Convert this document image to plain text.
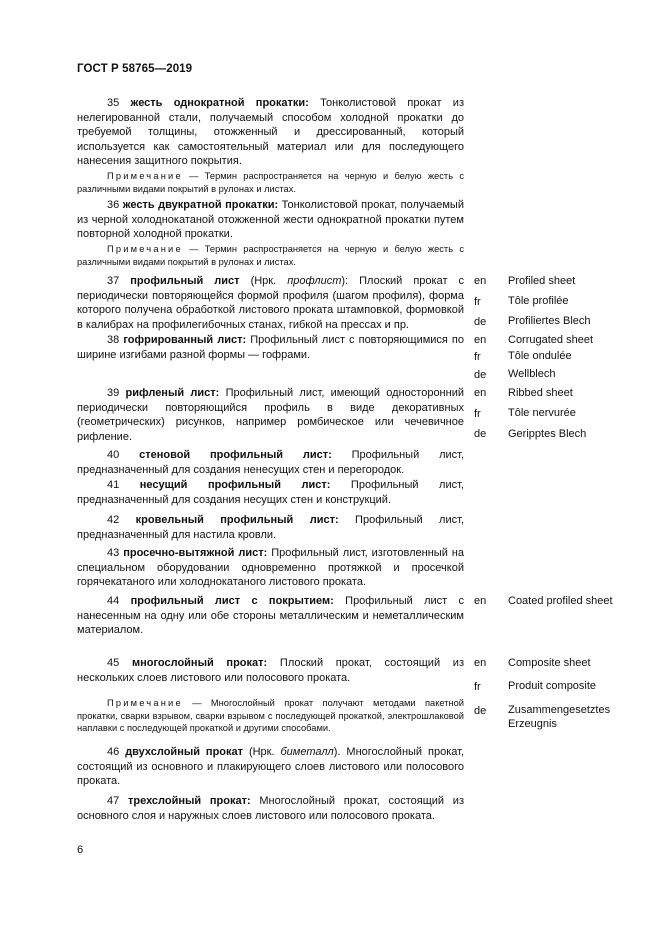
ГОСТ Р 58765—2019

35 жесть однократной прокатки: Тонколистовой прокат из нелегированной стали, получаемый способом холодной прокатки до требуемой толщины, отожженный и дрессированный, который используется как самостоятельный материал или для последующего нанесения защитного покрытия.

Примечание — Термин распространяется на черную и белую жесть с различными видами покрытий в рулонах и листах.

36 жесть двукратной прокатки: Тонколистовой прокат, получаемый из черной холоднокатаной отожженной жести однократной прокатки путем повторной холодной прокатки.

Примечание — Термин распространяется на черную и белую жесть с различными видами покрытий в рулонах и листах.

37 профильный лист (Нрк. профлист): Плоский прокат с периодически повторяющейся формой профиля (шагом профиля), форма которого получена обработкой листового проката штамповкой, формовкой в калибрах на профилегибочных станах, гибкой на прессах и пр.

en Profiled sheet
fr Tôle profilée
de Profiliertes Blech

38 гофрированный лист: Профильный лист с повторяющимися по ширине изгибами разной формы — гофрами.

en Corrugated sheet
fr Tôle ondulée
de Wellblech

39 рифленый лист: Профильный лист, имеющий односторонний периодически повторяющийся профиль в виде декоративных (геометрических) рисунков, например ромбическое или чечевичное рифление.

en Ribbed sheet
fr Tôle nervurée
de Geripptes Blech

40 стеновой профильный лист: Профильный лист, предназначенный для создания ненесущих стен и перегородок.

41 несущий профильный лист: Профильный лист, предназначенный для создания несущих стен и конструкций.

42 кровельный профильный лист: Профильный лист, предназначенный для настила кровли.

43 просечно-вытяжной лист: Профильный лист, изготовленный на специальном оборудовании одновременно протяжкой и просечкой горячекатаного или холоднокатаного листового проката.

44 профильный лист с покрытием: Профильный лист с нанесенным на одну или обе стороны металлическим и неметаллическим материалом.

en Coated profiled sheet

45 многослойный прокат: Плоский прокат, состоящий из нескольких слоев листового или полосового проката.

Примечание — Многослойный прокат получают методами пакетной прокатки, сварки взрывом, сварки взрывом с последующей прокаткой, электрошлаковой наплавки с последующей прокаткой и другими способами.

en Composite sheet
fr Produit composite
de Zusammengesetztes Erzeugnis

46 двухслойный прокат (Нрк. биметалл). Многослойный прокат, состоящий из основного и плакирующего слоев листового или полосового проката.

47 трехслойный прокат: Многослойный прокат, состоящий из основного слоя и наружных слоев листового или полосового проката.

6
